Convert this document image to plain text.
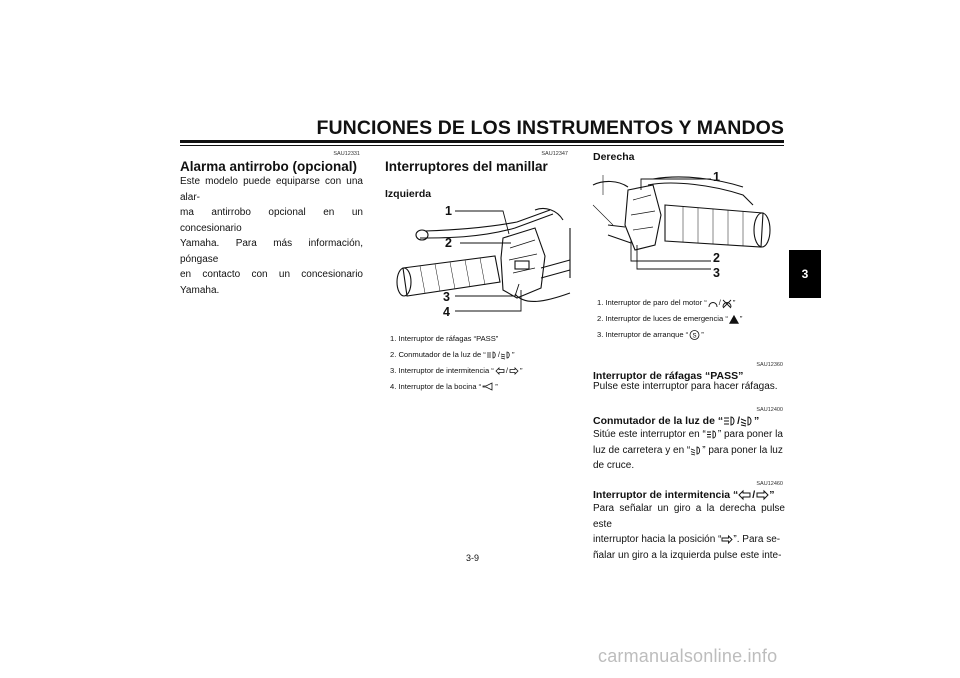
FUNCIONES DE LOS INSTRUMENTOS Y MANDOS
3
SAU12331
Alarma antirrobo (opcional)
Este modelo puede equiparse con una alar-
ma antirrobo opcional en un concesionario
Yamaha. Para más información, póngase
en contacto con un concesionario Yamaha.
SAU12347
Interruptores del manillar
Izquierda
1
2
3
4
1. Interruptor de ráfagas “PASS”
2. Conmutador de la luz de “ / ”
3. Interruptor de intermitencia “ / ”
4. Interruptor de la bocina “ ”
Derecha
1
2
3
1. Interruptor de paro del motor “ / ”
2. Interruptor de luces de emergencia “ ”
3. Interruptor de arranque “ S ”
SAU12360
Interruptor de ráfagas “PASS”
Pulse este interruptor para hacer ráfagas.
SAU12400
Conmutador de la luz de “ / ”
Sitúe este interruptor en “ ” para poner la
luz de carretera y en “ ” para poner la luz
de cruce.
SAU12460
Interruptor de intermitencia “ / ”
Para señalar un giro a la derecha pulse este
interruptor hacia la posición “ ”. Para se-
ñalar un giro a la izquierda pulse este inte-
3-9
carmanualsonline.info
